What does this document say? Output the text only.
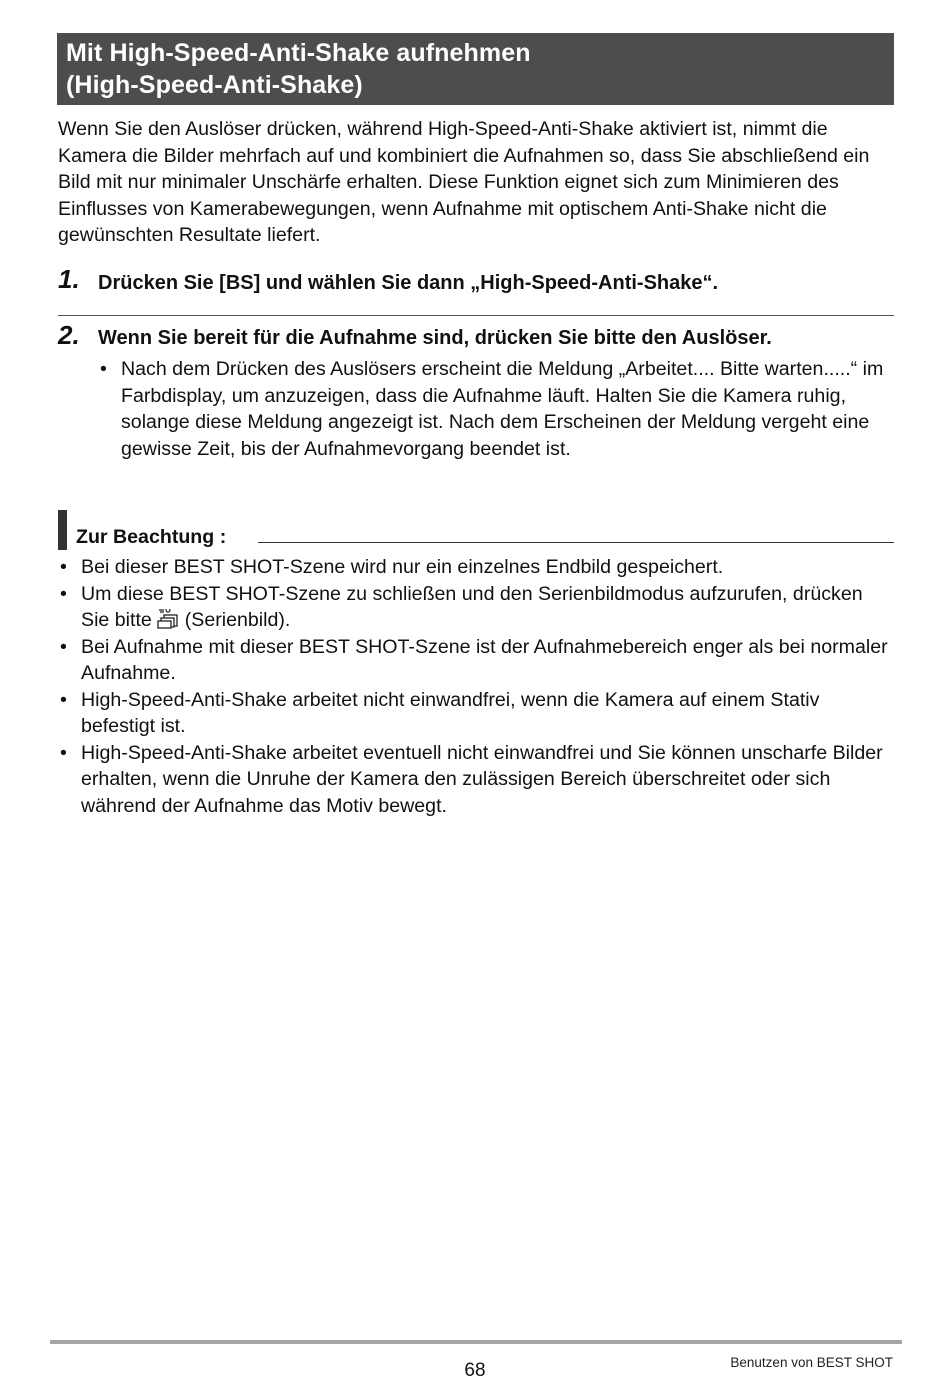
Mit High-Speed-Anti-Shake aufnehmen
(High-Speed-Anti-Shake)

Wenn Sie den Auslöser drücken, während High-Speed-Anti-Shake aktiviert ist, nimmt die Kamera die Bilder mehrfach auf und kombiniert die Aufnahmen so, dass Sie abschließend ein Bild mit nur minimaler Unschärfe erhalten. Diese Funktion eignet sich zum Minimieren des Einflusses von Kamerabewegungen, wenn Aufnahme mit optischem Anti-Shake nicht die gewünschten Resultate liefert.

1. Drücken Sie [BS] und wählen Sie dann „High-Speed-Anti-Shake“.
2. Wenn Sie bereit für die Aufnahme sind, drücken Sie bitte den Auslöser.
• Nach dem Drücken des Auslösers erscheint die Meldung „Arbeitet.... Bitte warten.....“ im Farbdisplay, um anzuzeigen, dass die Aufnahme läuft. Halten Sie die Kamera ruhig, solange diese Meldung angezeigt ist. Nach dem Erscheinen der Meldung vergeht eine gewisse Zeit, bis der Aufnahmevorgang beendet ist.
Zur Beachtung :
• Bei dieser BEST SHOT-Szene wird nur ein einzelnes Endbild gespeichert.
• Um diese BEST SHOT-Szene zu schließen und den Serienbildmodus aufzurufen, drücken Sie bitte (Serienbild).
• Bei Aufnahme mit dieser BEST SHOT-Szene ist der Aufnahmebereich enger als bei normaler Aufnahme.
• High-Speed-Anti-Shake arbeitet nicht einwandfrei, wenn die Kamera auf einem Stativ befestigt ist.
• High-Speed-Anti-Shake arbeitet eventuell nicht einwandfrei und Sie können unscharfe Bilder erhalten, wenn die Unruhe der Kamera den zulässigen Bereich überschreitet oder sich während der Aufnahme das Motiv bewegt.
68	Benutzen von BEST SHOT
